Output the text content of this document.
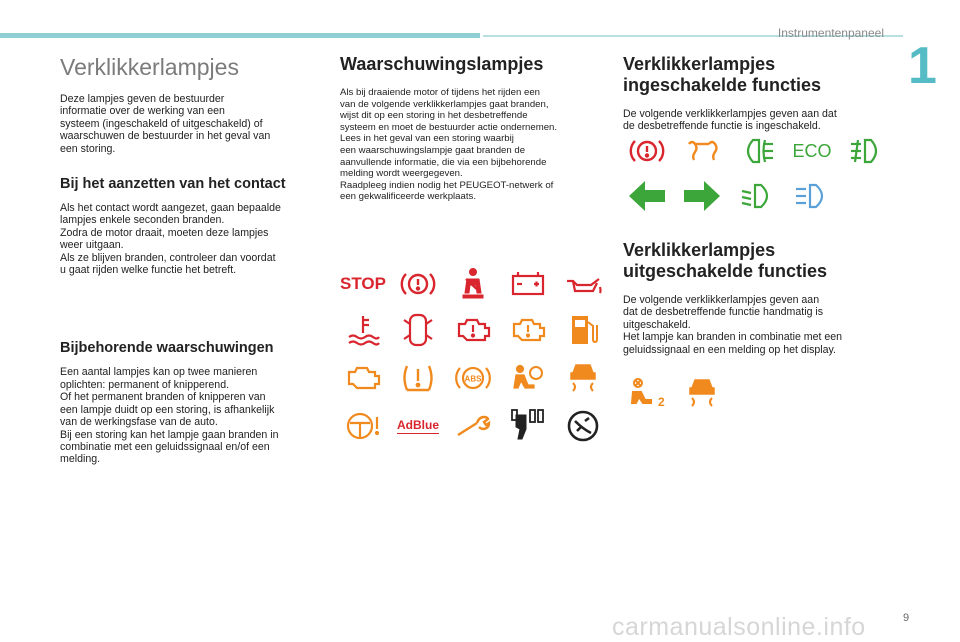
Instrumentenpaneel
1
Verklikkerlampjes

Deze lampjes geven de bestuurder
informatie over de werking van een
systeem (ingeschakeld of uitgeschakeld) of
waarschuwen de bestuurder in het geval van
een storing.

Bij het aanzetten van het contact

Als het contact wordt aangezet, gaan bepaalde
lampjes enkele seconden branden.
Zodra de motor draait, moeten deze lampjes
weer uitgaan.
Als ze blijven branden, controleer dan voordat
u gaat rijden welke functie het betreft.

Bijbehorende waarschuwingen

Een aantal lampjes kan op twee manieren
oplichten: permanent of knipperend.
Of het permanent branden of knipperen van
een lampje duidt op een storing, is afhankelijk
van de werkingsfase van de auto.
Bij een storing kan het lampje gaan branden in
combinatie met een geluidssignaal en/of een
melding.

Waarschuwingslampjes

Als bij draaiende motor of tijdens het rijden een
van de volgende verklikkerlampjes gaat branden,
wijst dit op een storing in het desbetreffende
systeem en moet de bestuurder actie ondernemen.
Lees in het geval van een storing waarbij
een waarschuwingslampje gaat branden de
aanvullende informatie, die via een bijbehorende
melding wordt weergegeven.
Raadpleeg indien nodig het PEUGEOT-netwerk of
een gekwalificeerde werkplaats.

STOP
ABS
AdBlue
Verklikkerlampjes
ingeschakelde functies

De volgende verklikkerlampjes geven aan dat
de desbetreffende functie is ingeschakeld.

ECO
Verklikkerlampjes
uitgeschakelde functies

De volgende verklikkerlampjes geven aan
dat de desbetreffende functie handmatig is
uitgeschakeld.
Het lampje kan branden in combinatie met een
geluidssignaal en een melding op het display.

2
carmanualsonline.info	9
